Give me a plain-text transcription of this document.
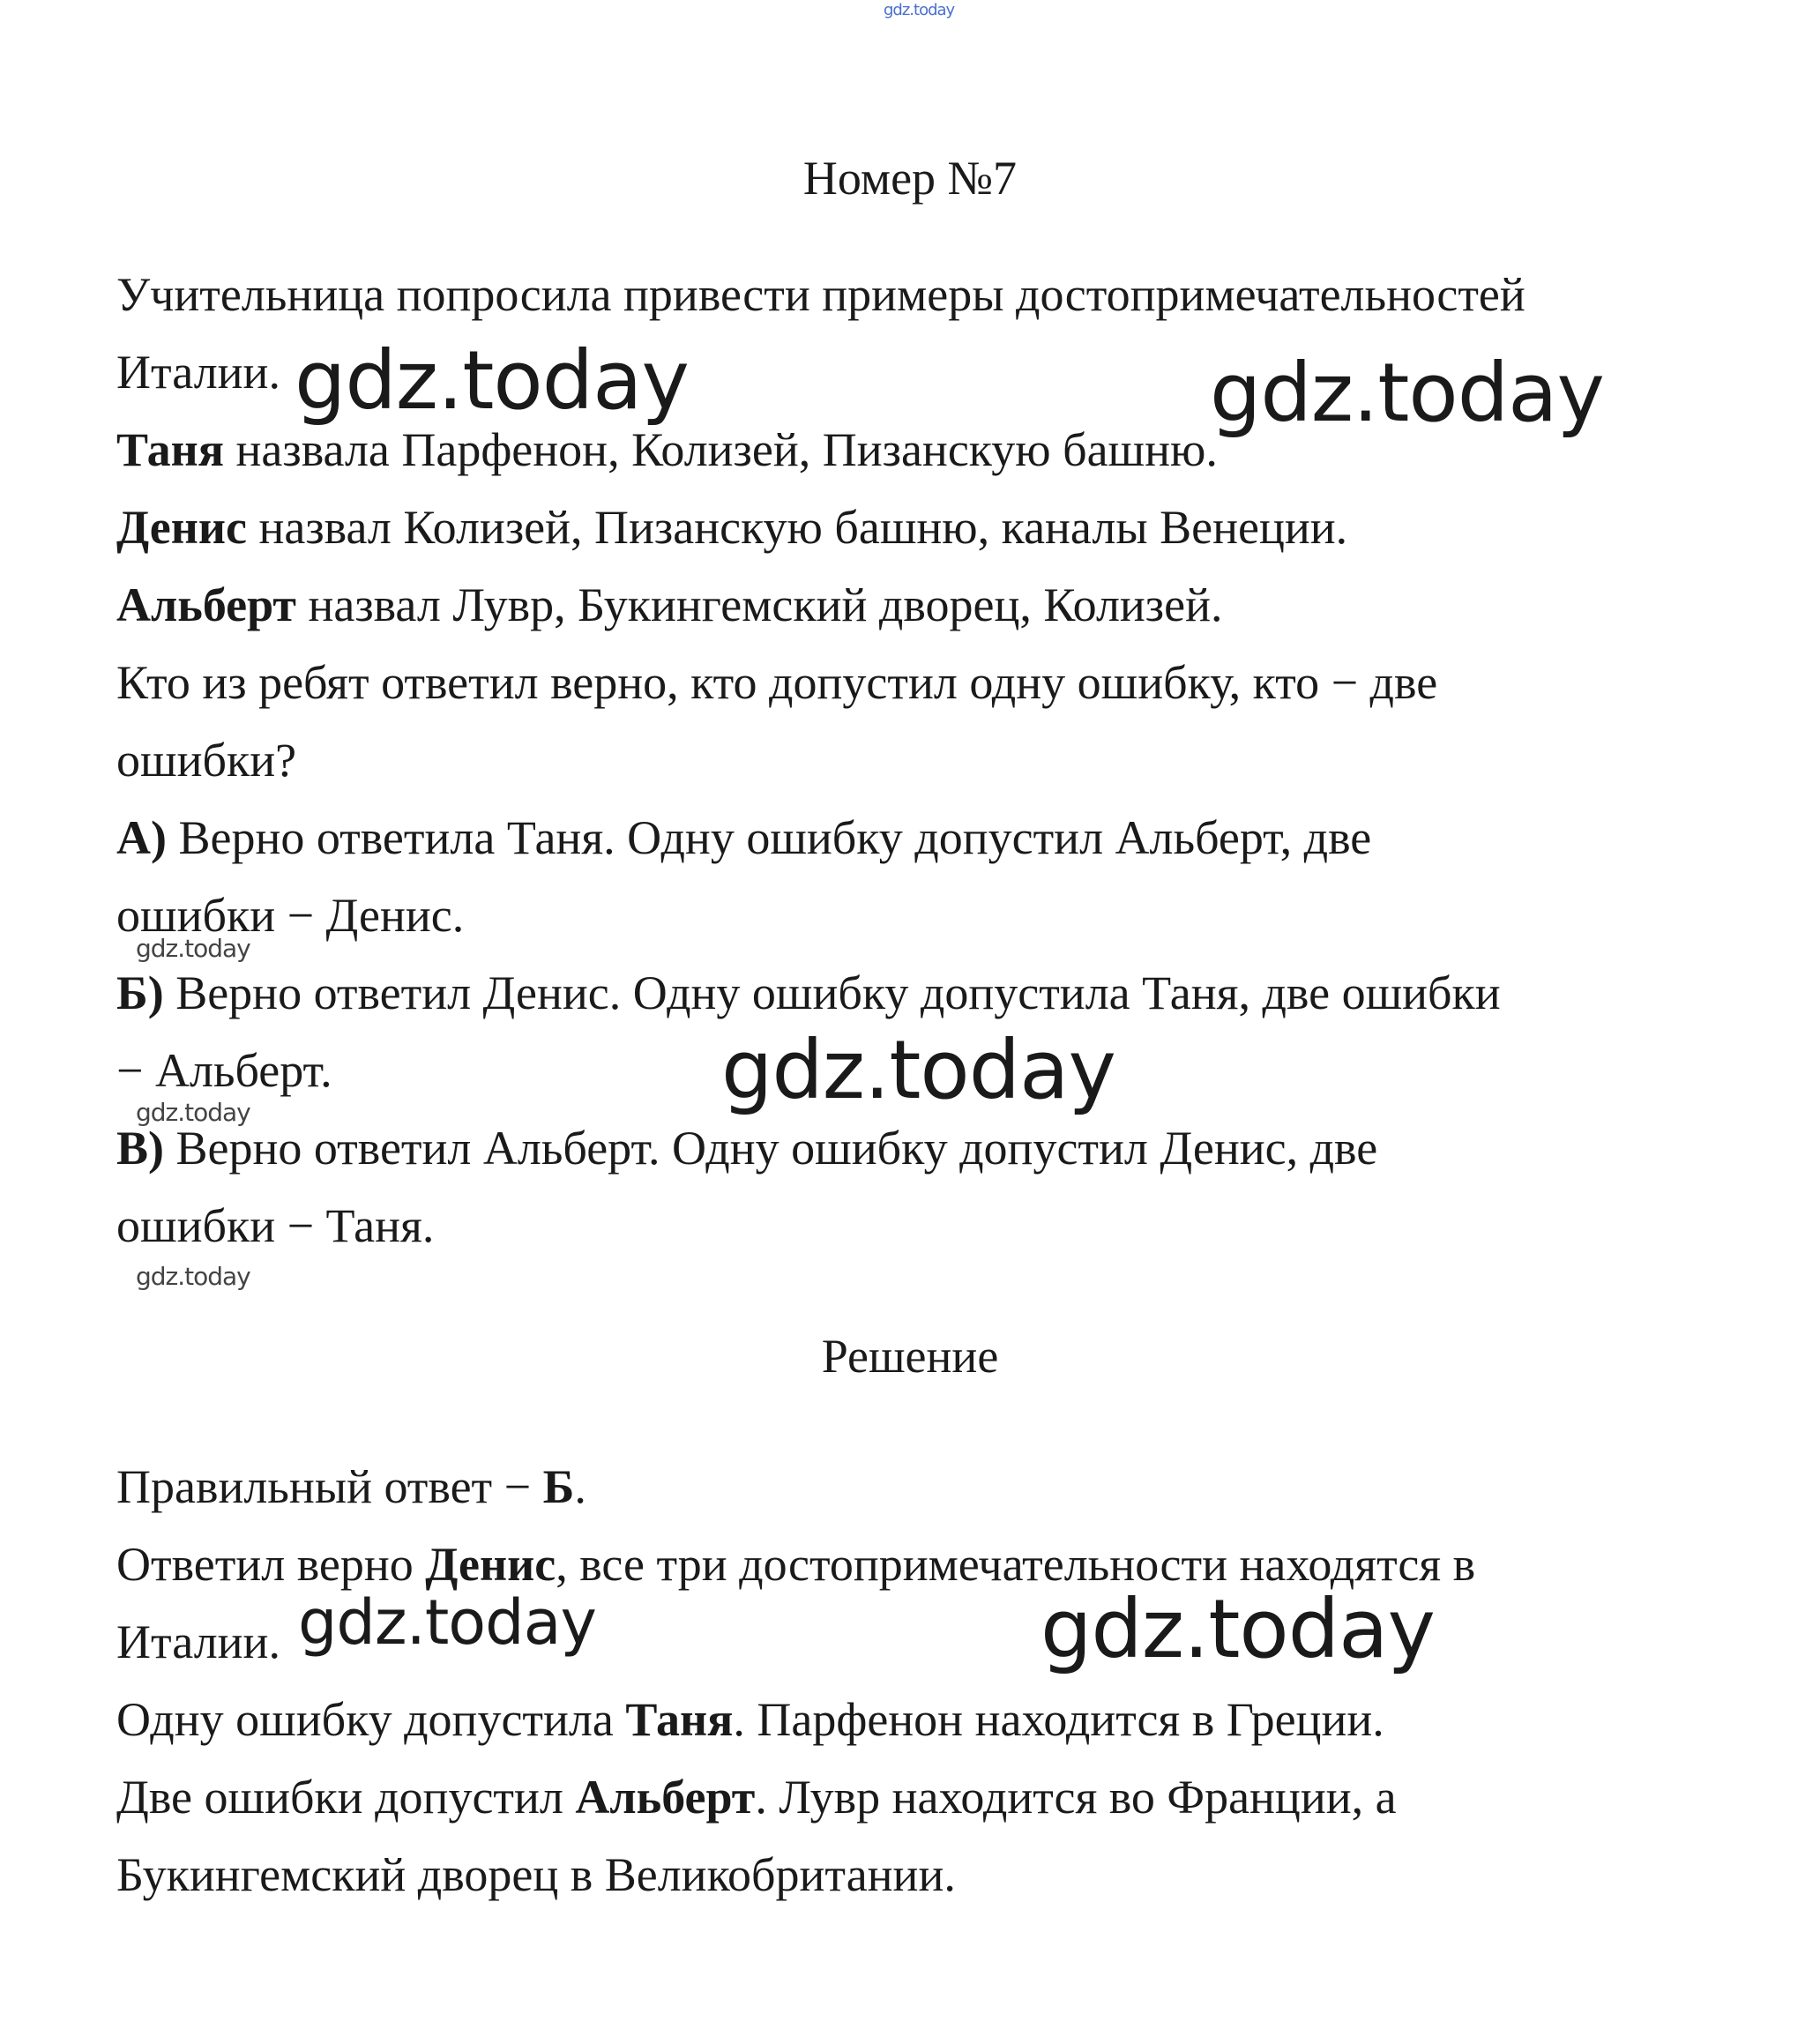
gdz.today
Номер №7
Учительница попросила привести примеры достопримечательностей
Италии. gdz.today	gdz.today
Таня назвала Парфенон, Колизей, Пизанскую башню.
Денис назвал Колизей, Пизанскую башню, каналы Венеции.
Альберт назвал Лувр, Букингемский дворец, Колизей.
Кто из ребят ответил верно, кто допустил одну ошибку, кто − две
ошибки?
А) Верно ответила Таня. Одну ошибку допустил Альберт, две
ошибки − Денис.
gdz.today
Б) Верно ответил Денис. Одну ошибку допустила Таня, две ошибки
− Альберт.	gdz.today
gdz.today
В) Верно ответил Альберт. Одну ошибку допустил Денис, две
ошибки − Таня.
gdz.today
Решение
Правильный ответ − Б.
Ответил верно Денис, все три достопримечательности находятся в
Италии. gdz.today	gdz.today
Одну ошибку допустила Таня. Парфенон находится в Греции.
Две ошибки допустил Альберт. Лувр находится во Франции, а
Букингемский дворец в Великобритании.
